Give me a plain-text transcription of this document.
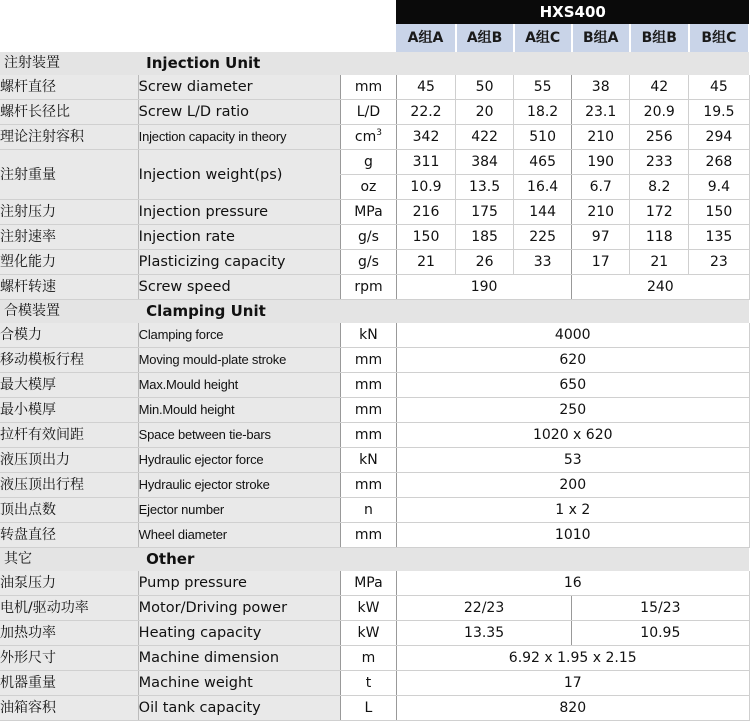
			HXS400					
			A组A	A组B	A组C	B组A	B组B	B组C
注射装置	Injection Unit							
螺杆直径	Screw diameter	mm	45	50	55	38	42	45
螺杆长径比	Screw L/D ratio	L/D	22.2	20	18.2	23.1	20.9	19.5
理论注射容积	Injection capacity in theory	$cm^3$	342	422	510	210	256	294
注射重量	Injection weight(ps)	g	311	384	465	190	233	268
		oz	10.9	13.5	16.4	6.7	8.2	9.4
注射压力	Injection pressure	MPa	216	175	144	210	172	150
注射速率	Injection rate	g/s	150	185	225	97	118	135
塑化能力	Plasticizing capacity	g/s	21	26	33	17	21	23
螺杆转速	Screw speed	rpm	190			240		
合模装置	Clamping Unit							
合模力	Clamping force	kN	4000					
移动模板行程	Moving mould-plate stroke	mm	620					
最大模厚	Max.Mould height	mm	650					
最小模厚	Min.Mould height	mm	250					
拉杆有效间距	Space between tie-bars	mm	1020 x 620					
液压顶出力	Hydraulic ejector force	kN	53					
液压顶出行程	Hydraulic ejector stroke	mm	200					
顶出点数	Ejector number	n	1 x 2					
转盘直径	Wheel diameter	mm	1010					
其它	Other							
油泵压力	Pump pressure	MPa	16					
电机/驱动功率	Motor/Driving power	kW	22/23			15/23		
加热功率	Heating capacity	kW	13.35			10.95		
外形尺寸	Machine dimension	m	6.92 x 1.95 x 2.15					
机器重量	Machine weight	t	17					
油箱容积	Oil tank capacity	L	820					
